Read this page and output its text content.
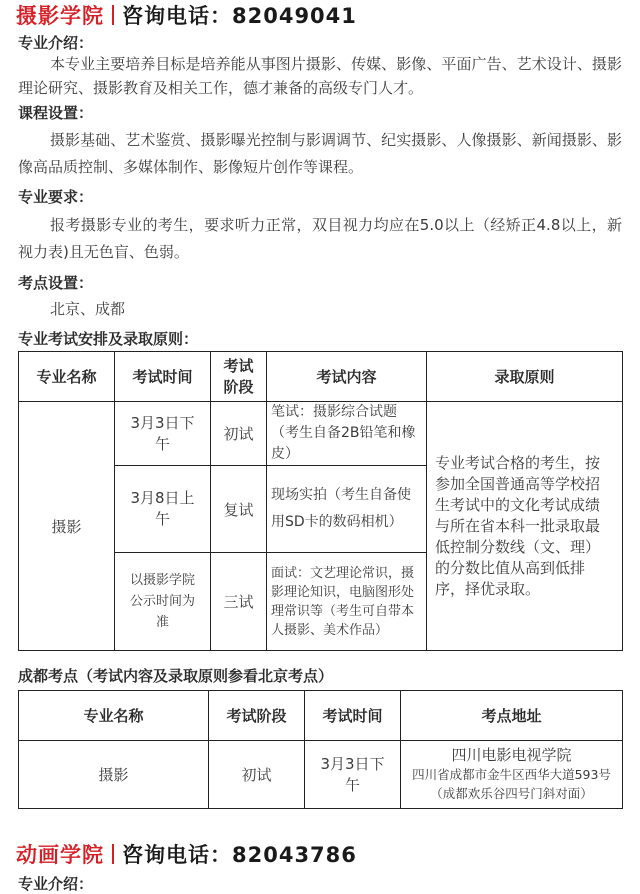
摄影学院 咨询电话：82049041
专业介绍：
本专业主要培养目标是培养能从事图片摄影、传媒、影像、平面广告、艺术设计、摄影理论研究、摄影教育及相关工作，德才兼备的高级专门人才。
课程设置：
摄影基础、艺术鉴赏、摄影曝光控制与影调调节、纪实摄影、人像摄影、新闻摄影、影像高品质控制、多媒体制作、影像短片创作等课程。
专业要求：
报考摄影专业的考生，要求听力正常，双目视力均应在5.0以上（经矫正4.8以上，新视力表)且无色盲、色弱。
考点设置：
北京、成都
专业考试安排及录取原则：
专业名称	考试时间	考试阶段	考试内容	录取原则
摄影	3月3日下午	初试	笔试：摄影综合试题（考生自备2B铅笔和橡皮）	专业考试合格的考生，按参加全国普通高等学校招生考试中的文化考试成绩与所在省本科一批录取最低控制分数线（文、理）的分数比值从高到低排序，择优录取。
	3月8日上午	复试	现场实拍（考生自备使用SD卡的数码相机）	
	以摄影学院公示时间为准	三试	面试：文艺理论常识，摄影理论知识，电脑图形处理常识等（考生可自带本人摄影、美术作品）	
成都考点（考试内容及录取原则参看北京考点）
专业名称	考试阶段	考试时间	考点地址
摄影	初试	3月3日下午	四川电影电视学院
四川省成都市金牛区西华大道593号
（成都欢乐谷四号门斜对面）
动画学院 咨询电话：82043786
专业介绍：
